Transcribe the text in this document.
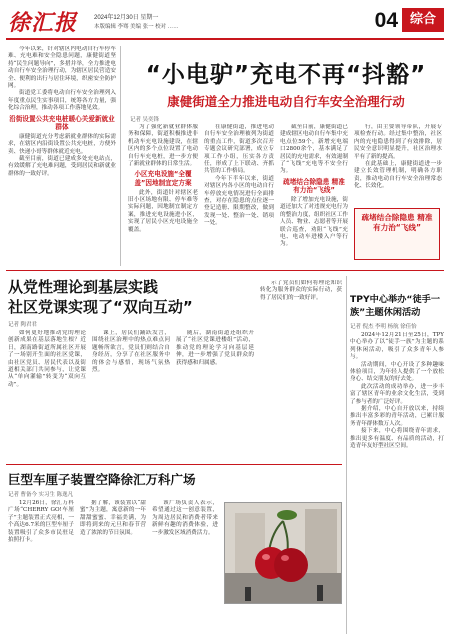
徐汇报	2024年12月30日 星期一
本版编辑 李骞 美编 张一 校对 ……	04 综合

今年以来，针对辖区内电动自行车停车难、充电难和安全隐患问题，康健街道坚持“民生问题导向”，多措并举，全力推进电动自行车安全治理行动，为辖区居民营造安全、便利的出行与居住环境，织密安全防护网。

街道党工委将电动自行车安全治理列入年度重点民生实事项目，统筹各方力量，强化综合治理，推动各项工作落地见效。

沿街设置公共充电桩暖心关爱新就业群体

康健街道充分考虑新就业群体的实际需求，在辖区内沿街设置公共充电桩，方便外卖、快递小哥等群体就近充电。

截至目前，街道已建成多处充电站点，有效缓解了充电难问题，受到居民和新就业群体的一致好评。

“小电驴”充电不再“抖豁”
康健街道全力推进电动自行车安全治理行动
记者 吴奕锋

为了强化新就业群体服务和保障，街道积极推进非机动车充电设施建设，在辖区内的多个点位设置了电动自行车充电桩，进一步方便了新就业群体的日常生活。

小区充电设施“全覆盖”因地制宜定方案

此外，街道针对辖区老旧小区场地有限、停车难等实际问题，因地制宜制定方案，推进充电设施进小区，实现了居民小区充电设施全覆盖。

在康健街道，推进电动自行车安全治理被列为街道的重点工作，街道多次召开专题会议研究部署，成立专项工作小组，压实各方责任，形成了上下联动、齐抓共管的工作格局。

今年下半年以来，街道对辖区内各小区的电动自行车停放充电情况进行全面排查，对存在隐患的点位逐一登记造册、限期整改，做到发现一处、整治一处、销项一处。

截至目前，康健街道已建成辖区电动自行车集中充电点位59个，新增充电端口2800余个，基本满足了居民的充电需求，有效遏制了“飞线”充电等不安全行为。

疏堵结合除隐患 精准有力治“飞线”

除了增加充电设施，街道还加大了对违规充电行为的整治力度，组织社区工作人员、物业、志愿者等开展联合巡查，劝阻“飞线”充电、电动车进楼入户等行为。

行，由主要领导带队，开展专项检查行动。经过集中整治，社区内的充电隐患得到了有效排除，居民安全意识明显提升，社区治理水平有了新的提高。

在此基础上，康健街道进一步建立长效管理机制，明确各方职责，推动电动自行车安全治理常态化、长效化。

疏堵结合除隐患 精准有力治“飞线”
从党性理论到基层实践
社区党课实现了“双向互动”
记者 陶君君

如何更好地推动党的理论创新成果在基层落地生根？近日，湖南路街道所属社区开展了一场别开生面的社区党课，由社区党员、居民代表以及街道相关部门共同参与，让党课从“单向灌输”转变为“双向互动”。

课上，居民们踊跃发言，围绕社区治理中的热点难点问题畅所欲言，党员们则结合自身经历，分享了在社区服务中的体会与感悟，现场气氛热烈。

随后，湖南街道还组织开展了“社区党课进楼组”活动，推动党的理论学习向基层延伸，进一步增强了党员群众的获得感和归属感。

示了党员们如何将理论知识转化为服务群众的实际行动，获得了居民们的一致好评。	TPY中心举办“徒手一族”主题休闲活动
记者 倪杰 李明 杨航 徐佳怡

2024年12月21日至25日，TPY中心举办了以“徒手一族”为主题的系列休闲活动，吸引了众多青年人参与。

活动期间，中心开设了多种趣味体验项目，为年轻人提供了一个放松身心、结交朋友的好去处。

此次活动的成功举办，进一步丰富了辖区青年的业余文化生活，受到了参与者的广泛好评。

据介绍，中心自开放以来，持续推出丰富多彩的青年活动，已累计服务青年群体数万人次。

接下来，中心将围绕青年需求，推出更多有温度、有品质的活动，打造青年友好型社区空间。

巨型车厘子装置空降徐汇万科广场
记者 曹备今 实习生 陈逸凡

12月26日，徐汇万科广场“CHERRY GO!车厘子”主题装置正式亮相，一个高达6.7米的巨型车厘子装置吸引了众多市民驻足拍照打卡。

据了解，该装置以“甜蜜”为主题，寓意新的一年甜甜蜜蜜、幸福美满，为即将到来的元旦和春节营造了浓浓的节日氛围。

该广场负责人表示，希望通过这一创意装置，为周边居民和消费者带来新鲜有趣的消费体验，进一步激发区域消费活力。
